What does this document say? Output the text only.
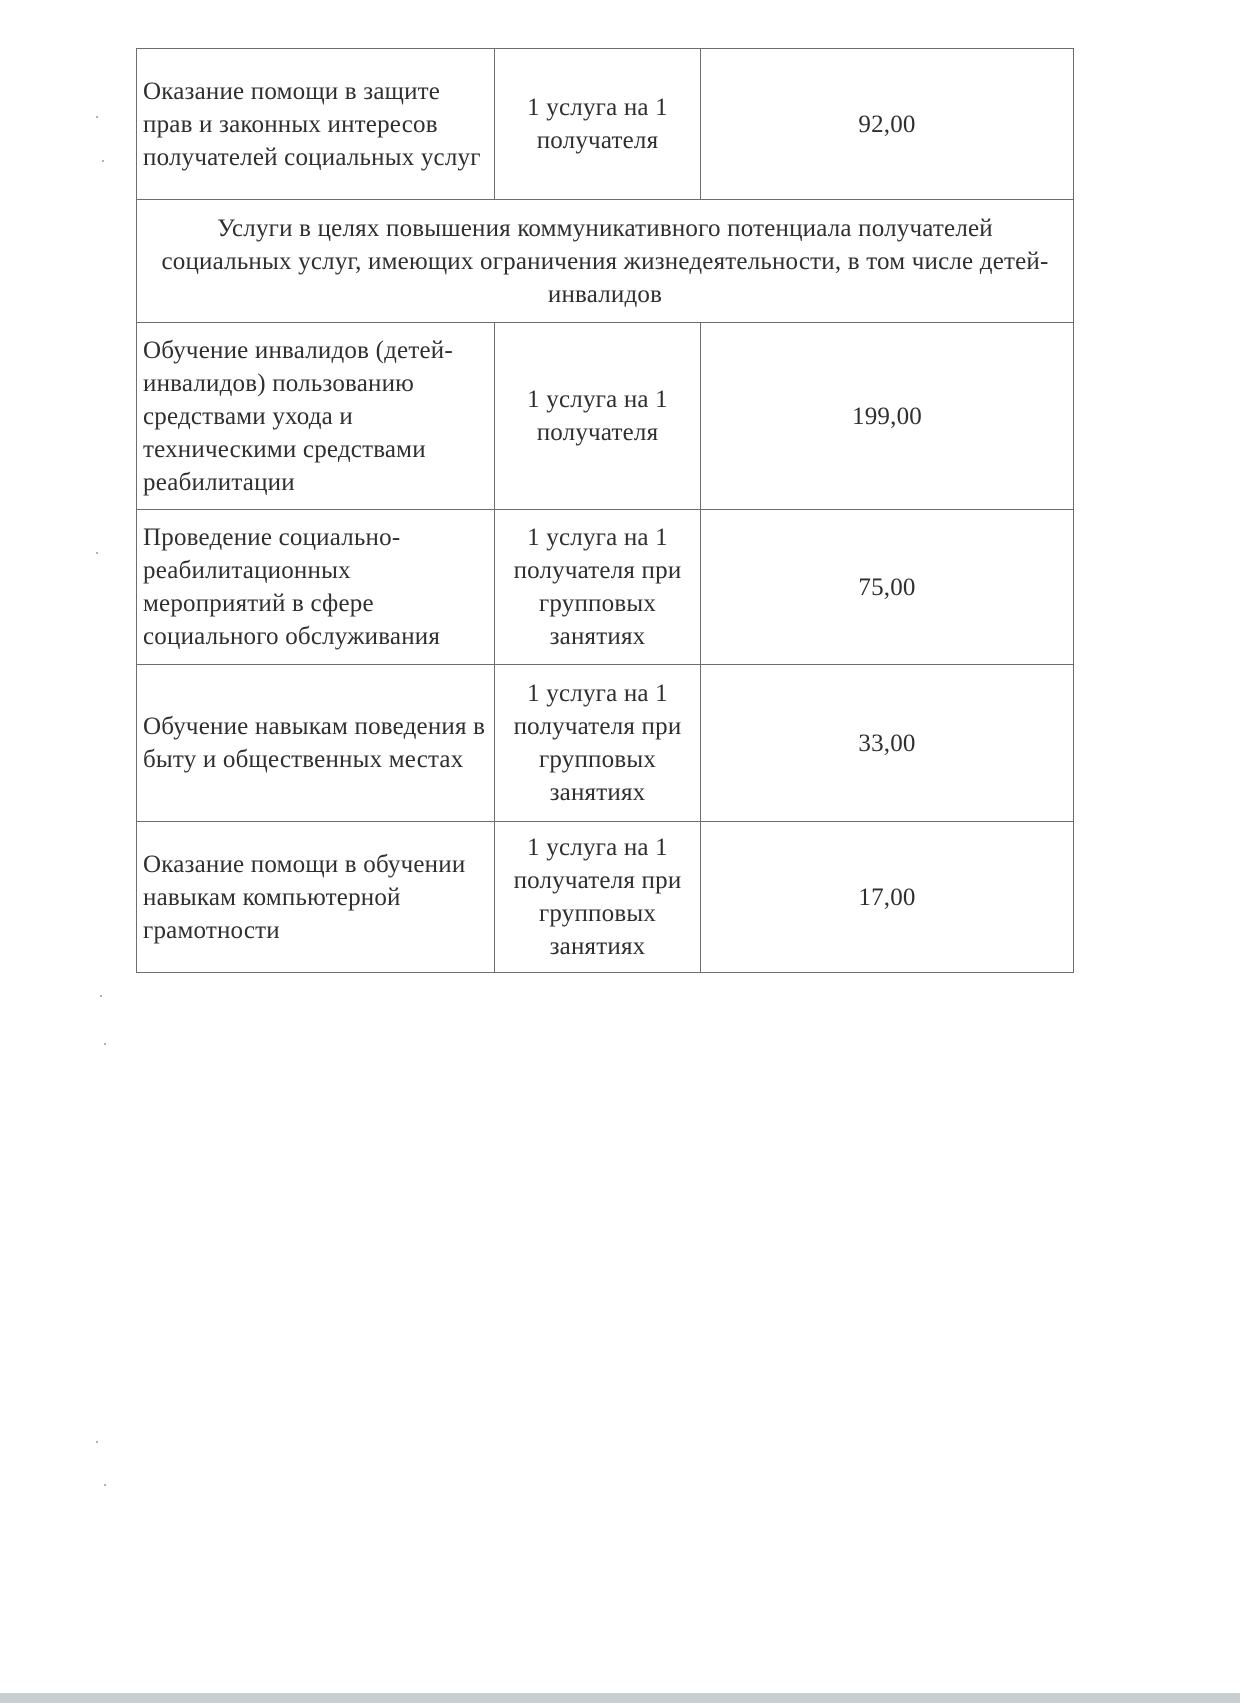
Оказание помощи в защите прав и законных интересов получателей социальных услуг	1 услуга на 1 получателя	92,00
Услуги в целях повышения коммуникативного потенциала получателей социальных услуг, имеющих ограничения жизнедеятельности, в том числе детей-инвалидов		
Обучение инвалидов (детей-инвалидов) пользованию средствами ухода и техническими средствами реабилитации	1 услуга на 1 получателя	199,00
Проведение социально-реабилитационных мероприятий в сфере социального обслуживания	1 услуга на 1 получателя при групповых занятиях	75,00
Обучение навыкам поведения в быту и общественных местах	1 услуга на 1 получателя при групповых занятиях	33,00
Оказание помощи в обучении навыкам компьютерной грамотности	1 услуга на 1 получателя при групповых занятиях	17,00
